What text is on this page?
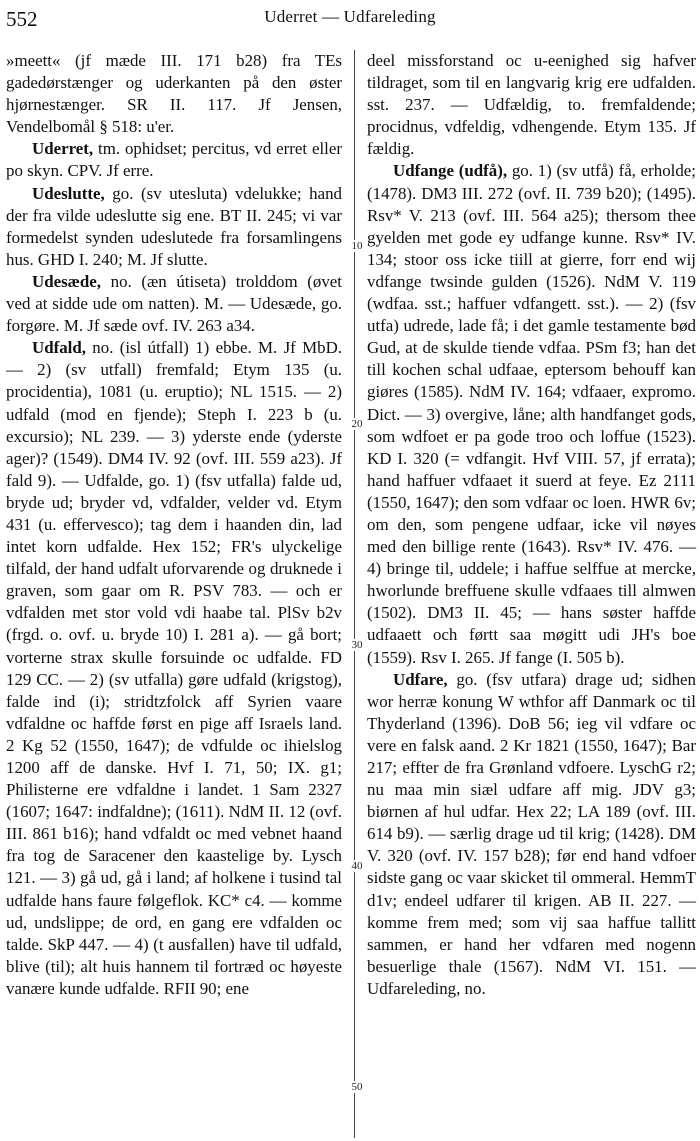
552	Uderret — Udfareleding
10
20
30
40
50

»meett« (jf mæde III. 171 b28) fra TEs gadedørstænger og uderkanten på den øster hjørnestænger. SR II. 117. Jf Jensen, Vendelbomål § 518: u'er.

Uderret, tm. ophidset; percitus, vd erret eller po skyn. CPV. Jf erre.

Udeslutte, go. (sv utesluta) vdelukke; hand der fra vilde udeslutte sig ene. BT II. 245; vi var formedelst synden udeslutede fra forsamlingens hus. GHD I. 240; M. Jf slutte.

Udesæde, no. (æn útiseta) trolddom (øvet ved at sidde ude om natten). M. — Udesæde, go. forgøre. M. Jf sæde ovf. IV. 263 a34.

Udfald, no. (isl útfall) 1) ebbe. M. Jf MbD. — 2) (sv utfall) fremfald; Etym 135 (u. procidentia), 1081 (u. eruptio); NL 1515. — 2) udfald (mod en fjende); Steph I. 223 b (u. excursio); NL 239. — 3) yderste ende (yderste ager)? (1549). DM4 IV. 92 (ovf. III. 559 a23). Jf fald 9). — Udfalde, go. 1) (fsv utfalla) falde ud, bryde ud; bryder vd, vdfalder, velder vd. Etym 431 (u. effervesco); tag dem i haanden din, lad intet korn udfalde. Hex 152; FR's ulyckelige tilfald, der hand udfalt uforvarende og druknede i graven, som gaar om R. PSV 783. — och er vdfalden met stor vold vdi haabe tal. PlSv b2v (frgd. o. ovf. u. bryde 10) I. 281 a). — gå bort; vorterne strax skulle forsuinde oc udfalde. FD 129 CC. — 2) (sv utfalla) gøre udfald (krigstog), falde ind (i); stridtzfolck aff Syrien vaare vdfaldne oc haffde først en pige aff Israels land. 2 Kg 52 (1550, 1647); de vdfulde oc ihielslog 1200 aff de danske. Hvf I. 71, 50; IX. g1; Philisterne ere vdfaldne i landet. 1 Sam 2327 (1607; 1647: indfaldne); (1611). NdM II. 12 (ovf. III. 861 b16); hand vdfaldt oc med vebnet haand fra tog de Saracener den kaastelige by. Lysch 121. — 3) gå ud, gå i land; af holkene i tusind tal udfalde hans faure følgeflok. KC* c4. — komme ud, undslippe; de ord, en gang ere vdfalden oc talde. SkP 447. — 4) (t ausfallen) have til udfald, blive (til); alt huis hannem til fortræd oc høyeste vanære kunde udfalde. RFII 90; ene

deel missforstand oc u-eenighed sig hafver tildraget, som til en langvarig krig ere udfalden. sst. 237. — Udfældig, to. fremfaldende; procidnus, vdfeldig, vdhengende. Etym 135. Jf fældig.

Udfange (udfå), go. 1) (sv utfå) få, erholde; (1478). DM3 III. 272 (ovf. II. 739 b20); (1495). Rsv* V. 213 (ovf. III. 564 a25); thersom thee gyelden met gode ey udfange kunne. Rsv* IV. 134; stoor oss icke tiill at gierre, forr end wij vdfange twsinde gulden (1526). NdM V. 119 (wdfaa. sst.; haffuer vdfangett. sst.). — 2) (fsv utfa) udrede, lade få; i det gamle testamente bød Gud, at de skulde tiende vdfaa. PSm f3; han det till kochen schal udfaae, eptersom behouff kan giøres (1585). NdM IV. 164; vdfaaer, expromo. Dict. — 3) overgive, låne; alth handfanget gods, som wdfoet er pa gode troo och loffue (1523). KD I. 320 (= vdfangit. Hvf VIII. 57, jf errata); hand haffuer vdfaaet it suerd at feye. Ez 2111 (1550, 1647); den som vdfaar oc loen. HWR 6v; om den, som pengene udfaar, icke vil nøyes med den billige rente (1643). Rsv* IV. 476. — 4) bringe til, uddele; i haffue selffue at mercke, hworlunde breffuene skulle vdfaaes till almwen (1502). DM3 II. 45; — hans søster haffde udfaaett och førtt saa møgitt udi JH's boe (1559). Rsv I. 265. Jf fange (I. 505 b).

Udfare, go. (fsv utfara) drage ud; sidhen wor herræ konung W wthfor aff Danmark oc til Thyderland (1396). DoB 56; ieg vil vdfare oc vere en falsk aand. 2 Kr 1821 (1550, 1647); Bar 217; effter de fra Grønland vdfoere. LyschG r2; nu maa min siæl udfare aff mig. JDV g3; biørnen af hul udfar. Hex 22; LA 189 (ovf. III. 614 b9). — særlig drage ud til krig; (1428). DM V. 320 (ovf. IV. 157 b28); før end hand vdfoer sidste gang oc vaar skicket til ommeral. HemmT d1v; endeel udfarer til krigen. AB II. 227. — komme frem med; som vij saa haffue tallitt sammen, er hand her vdfaren med nogenn besuerlige thale (1567). NdM VI. 151. — Udfareleding, no.
